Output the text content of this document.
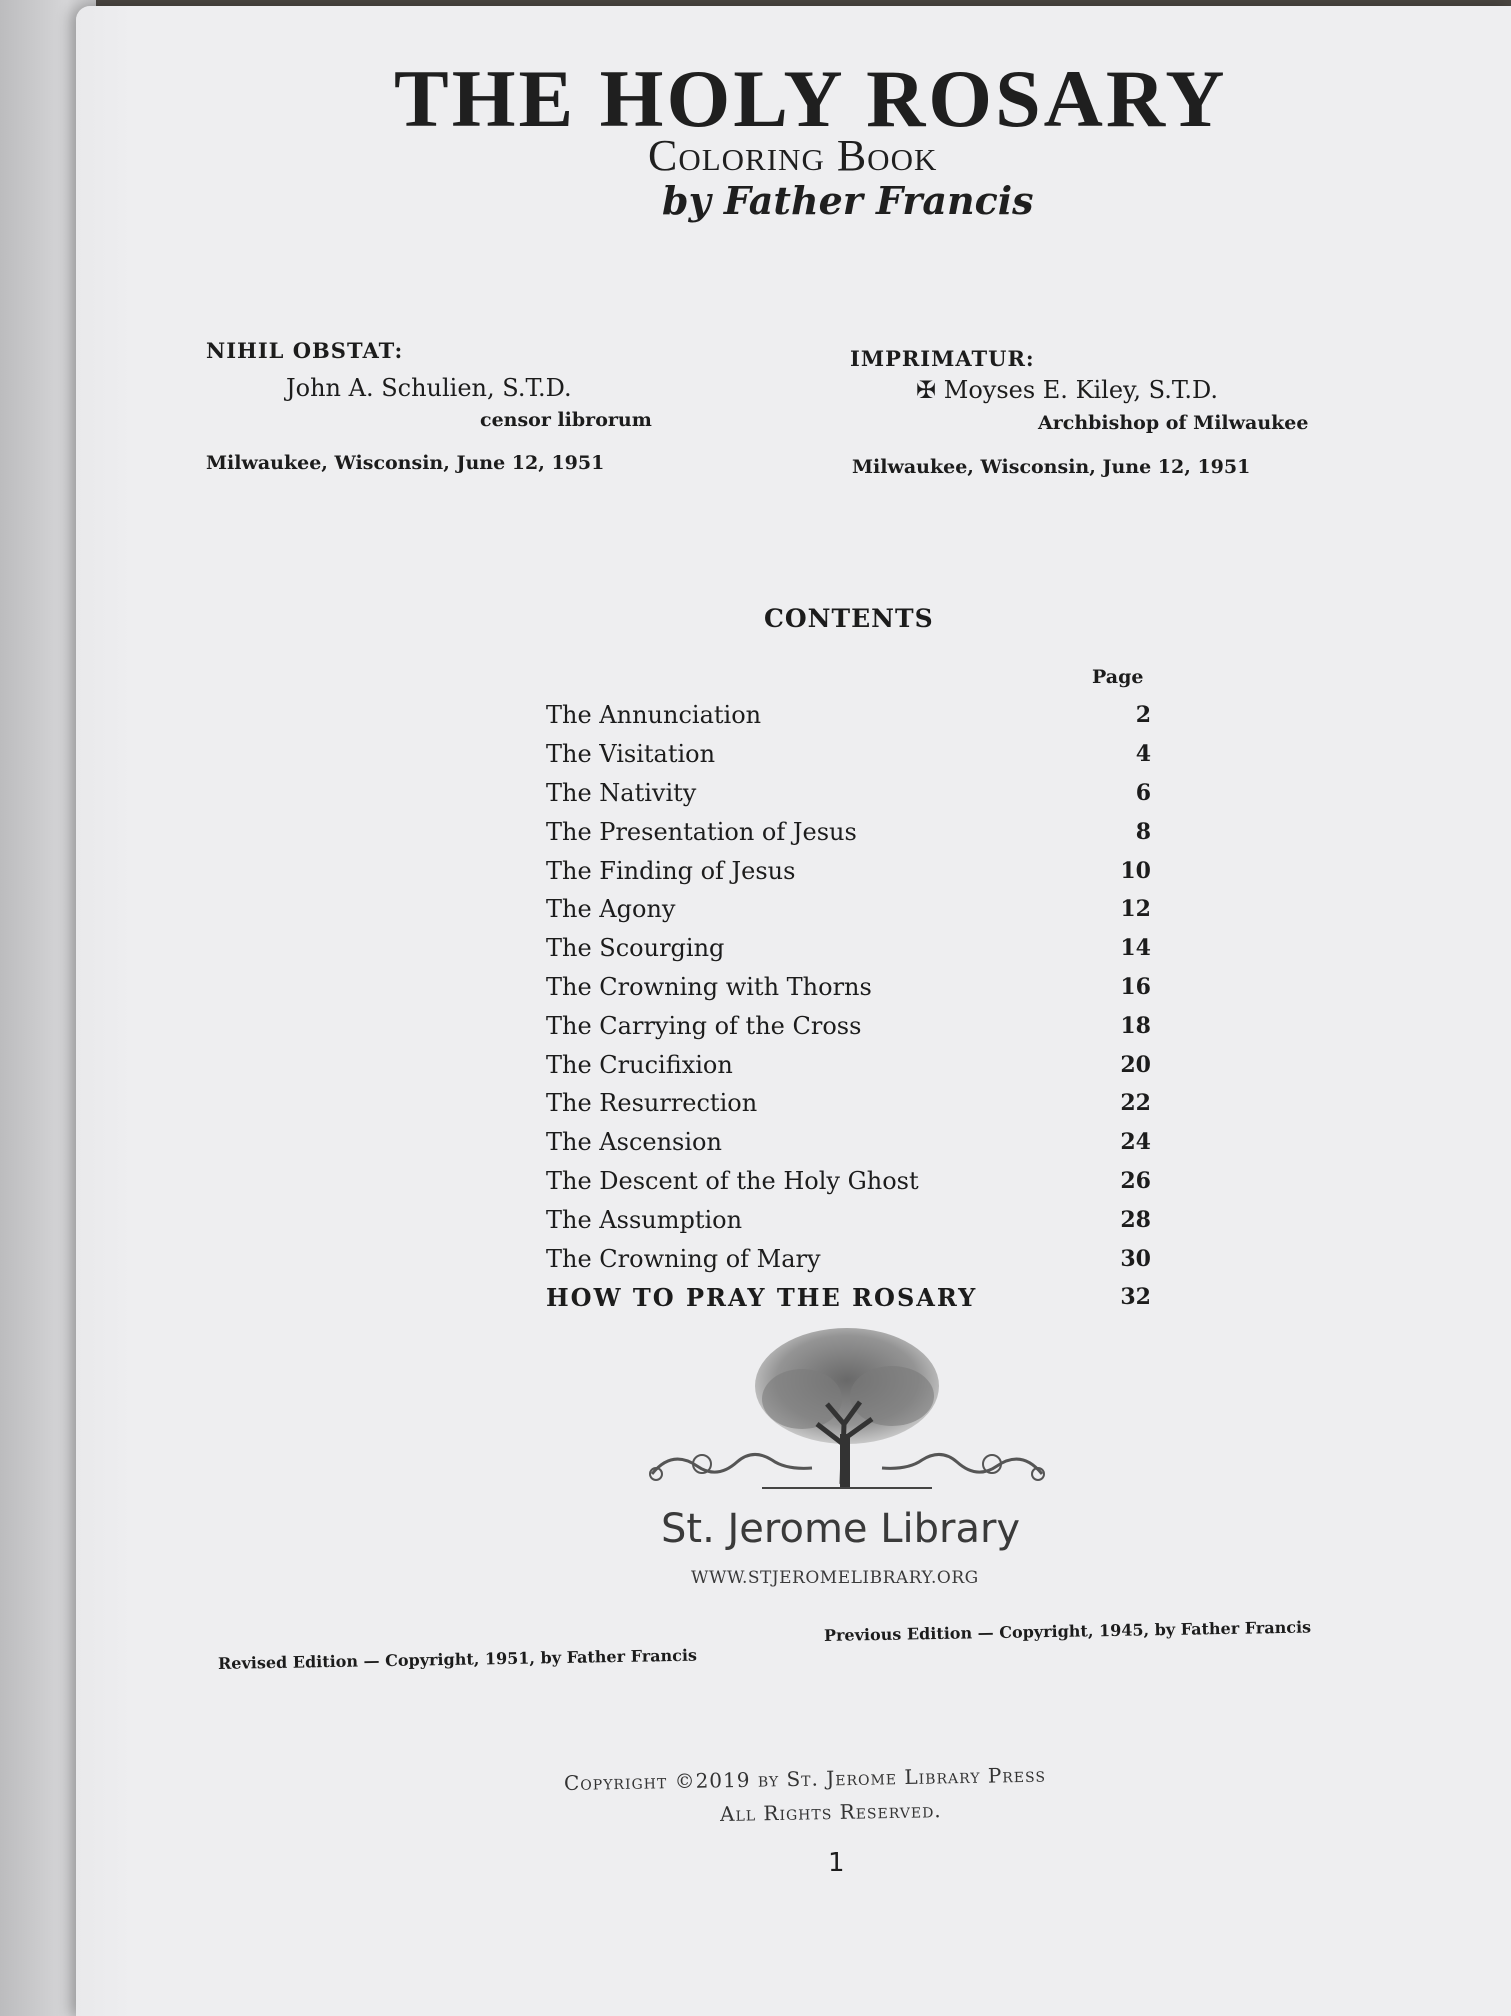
THE HOLY ROSARY
Coloring Book
by Father Francis
NIHIL OBSTAT:
John A. Schulien, S.T.D.
censor librorum
Milwaukee, Wisconsin, June 12, 1951
IMPRIMATUR:
✠ Moyses E. Kiley, S.T.D.
Archbishop of Milwaukee
Milwaukee, Wisconsin, June 12, 1951
CONTENTS
Page
The Annunciation	2
The Visitation	4
The Nativity	6
The Presentation of Jesus	8
The Finding of Jesus	10
The Agony	12
The Scourging	14
The Crowning with Thorns	16
The Carrying of the Cross	18
The Crucifixion	20
The Resurrection	22
The Ascension	24
The Descent of the Holy Ghost	26
The Assumption	28
The Crowning of Mary	30
HOW TO PRAY THE ROSARY	32
St. Jerome Library
WWW.STJEROMELIBRARY.ORG
Revised Edition — Copyright, 1951, by Father Francis
Previous Edition — Copyright, 1945, by Father Francis
Copyright ©2019 by St. Jerome Library Press
All Rights Reserved.
1
